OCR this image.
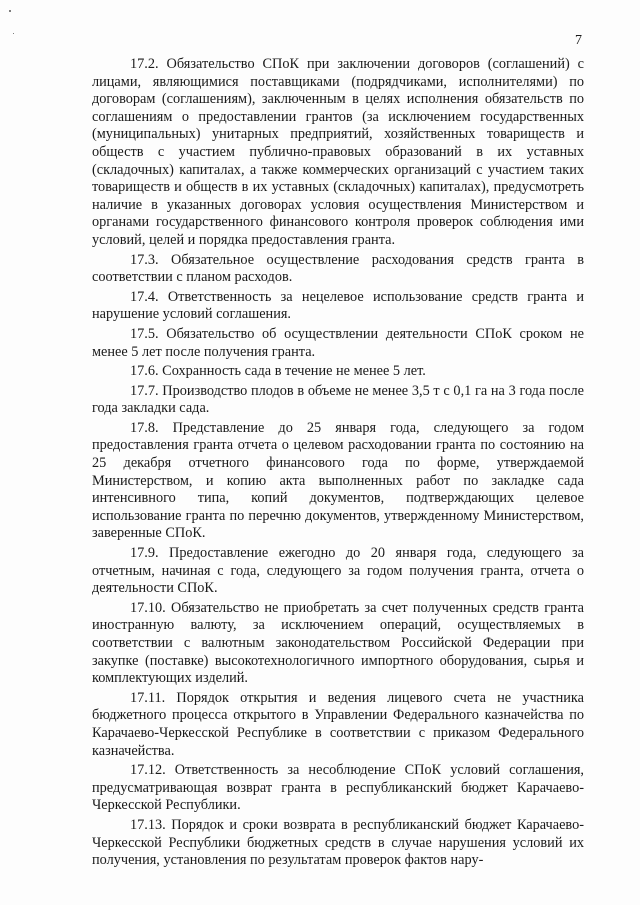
7

17.2. Обязательство СПоК при заключении договоров (соглашений) с лицами, являющимися поставщиками (подрядчиками, исполнителями) по договорам (соглашениям), заключенным в целях исполнения обязательств по соглашениям о предоставлении грантов (за исключением государственных (муниципальных) унитарных предприятий, хозяйственных товариществ и обществ с участием публично-правовых образований в их уставных (складочных) капиталах, а также коммерческих организаций с участием таких товариществ и обществ в их уставных (складочных) капиталах), предусмотреть наличие в указанных договорах условия осуществления Министерством и органами государственного финансового контроля проверок соблюдения ими условий, целей и порядка предоставления гранта.

17.3. Обязательное осуществление расходования средств гранта в соответствии с планом расходов.

17.4. Ответственность за нецелевое использование средств гранта и нарушение условий соглашения.

17.5. Обязательство об осуществлении деятельности СПоК сроком не менее 5 лет после получения гранта.

17.6. Сохранность сада в течение не менее 5 лет.

17.7. Производство плодов в объеме не менее 3,5 т с 0,1 га на 3 года после года закладки сада.

17.8. Представление до 25 января года, следующего за годом предоставления гранта отчета о целевом расходовании гранта по состоянию на 25 декабря отчетного финансового года по форме, утверждаемой Министерством, и копию акта выполненных работ по закладке сада интенсивного типа, копий документов, подтверждающих целевое использование гранта по перечню документов, утвержденному Министерством, заверенные СПоК.

17.9. Предоставление ежегодно до 20 января года, следующего за отчетным, начиная с года, следующего за годом получения гранта, отчета о деятельности СПоК.

17.10. Обязательство не приобретать за счет полученных средств гранта иностранную валюту, за исключением операций, осуществляемых в соответствии с валютным законодательством Российской Федерации при закупке (поставке) высокотехнологичного импортного оборудования, сырья и комплектующих изделий.

17.11. Порядок открытия и ведения лицевого счета не участника бюджетного процесса открытого в Управлении Федерального казначейства по Карачаево-Черкесской Республике в соответствии с приказом Федерального казначейства.

17.12. Ответственность за несоблюдение СПоК условий соглашения, предусматривающая возврат гранта в республиканский бюджет Карачаево-Черкесской Республики.

17.13. Порядок и сроки возврата в республиканский бюджет Карачаево-Черкесской Республики бюджетных средств в случае нарушения условий их получения, установления по результатам проверок фактов нару-
